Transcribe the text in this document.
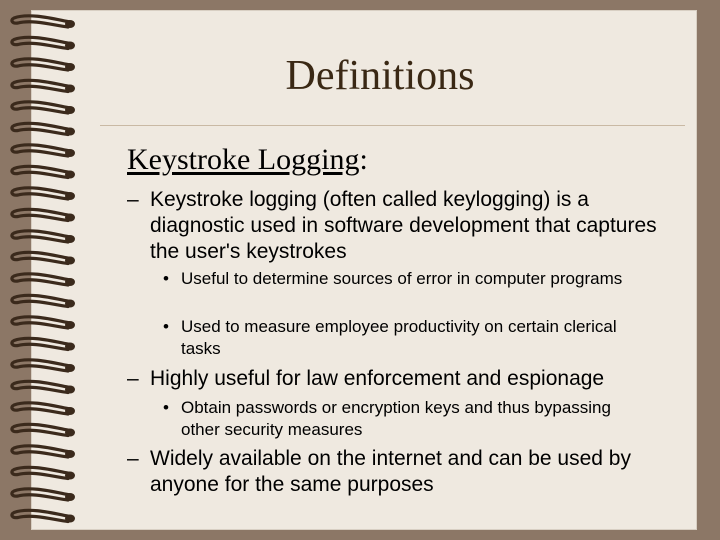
Definitions
Keystroke Logging:
– Keystroke logging (often called keylogging) is a diagnostic used in software development that captures the user's keystrokes
• Useful to determine sources of error in computer programs
• Used to measure employee productivity on certain clerical tasks
– Highly useful for law enforcement and espionage
• Obtain passwords or encryption keys and thus bypassing other security measures
– Widely available on the internet and can be used by anyone for the same purposes
